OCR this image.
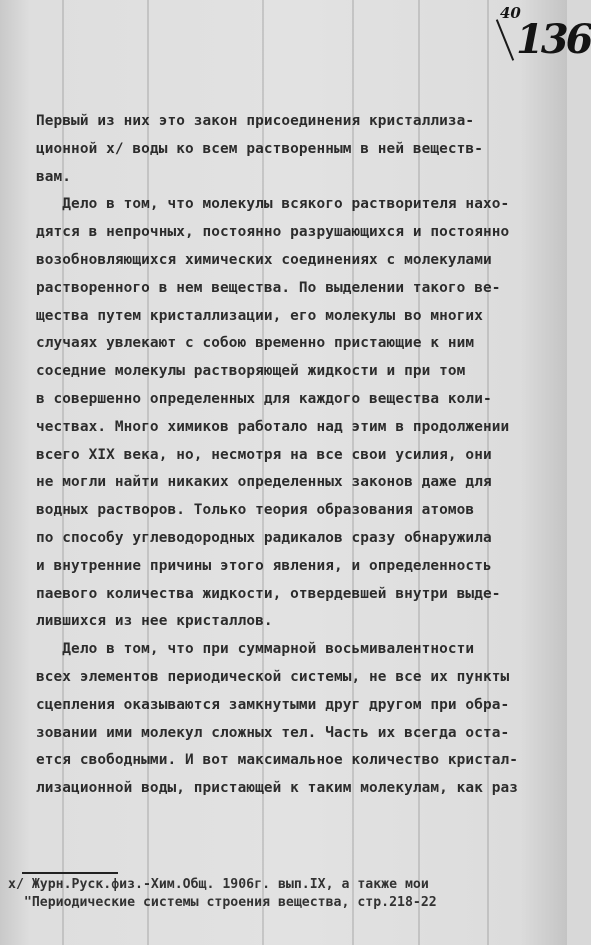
40
136
Первый из них это закон присоединения кристаллиза-
ционной x/ воды ко всем растворенным в ней веществ-
вам.
Дело в том, что молекулы всякого растворителя нахо-
дятся в непрочных, постоянно разрушающихся и постоянно
возобновляющихся химических соединениях с молекулами
растворенного в нем вещества. По выделении такого ве-
щества путем кристаллизации, его молекулы во многих
случаях увлекают с собою временно пристающие к ним
соседние молекулы растворяющей жидкости и при том
в совершенно определенных для каждого вещества коли-
чествах. Много химиков работало над этим в продолжении
всего XIX века, но, несмотря на все свои усилия, они
не могли найти никаких определенных законов даже для
водных растворов. Только теория образования атомов
по способу углеводородных радикалов сразу обнаружила
и внутренние причины этого явления, и определенность
паевого количества жидкости, отвердевшей внутри выде-
лившихся из нее кристаллов.
Дело в том, что при суммарной восьмивалентности
всех элементов периодической системы, не все их пункты
сцепления оказываются замкнутыми друг другом при обра-
зовании ими молекул сложных тел. Часть их всегда оста-
ется свободными. И вот максимальное количество кристал-
лизационной воды, пристающей к таким молекулам, как раз
x/ Журн.Руск.физ.-Хим.Общ. 1906г. вып.IX, а также мои
"Периодические системы строения вещества, стр.218-22
